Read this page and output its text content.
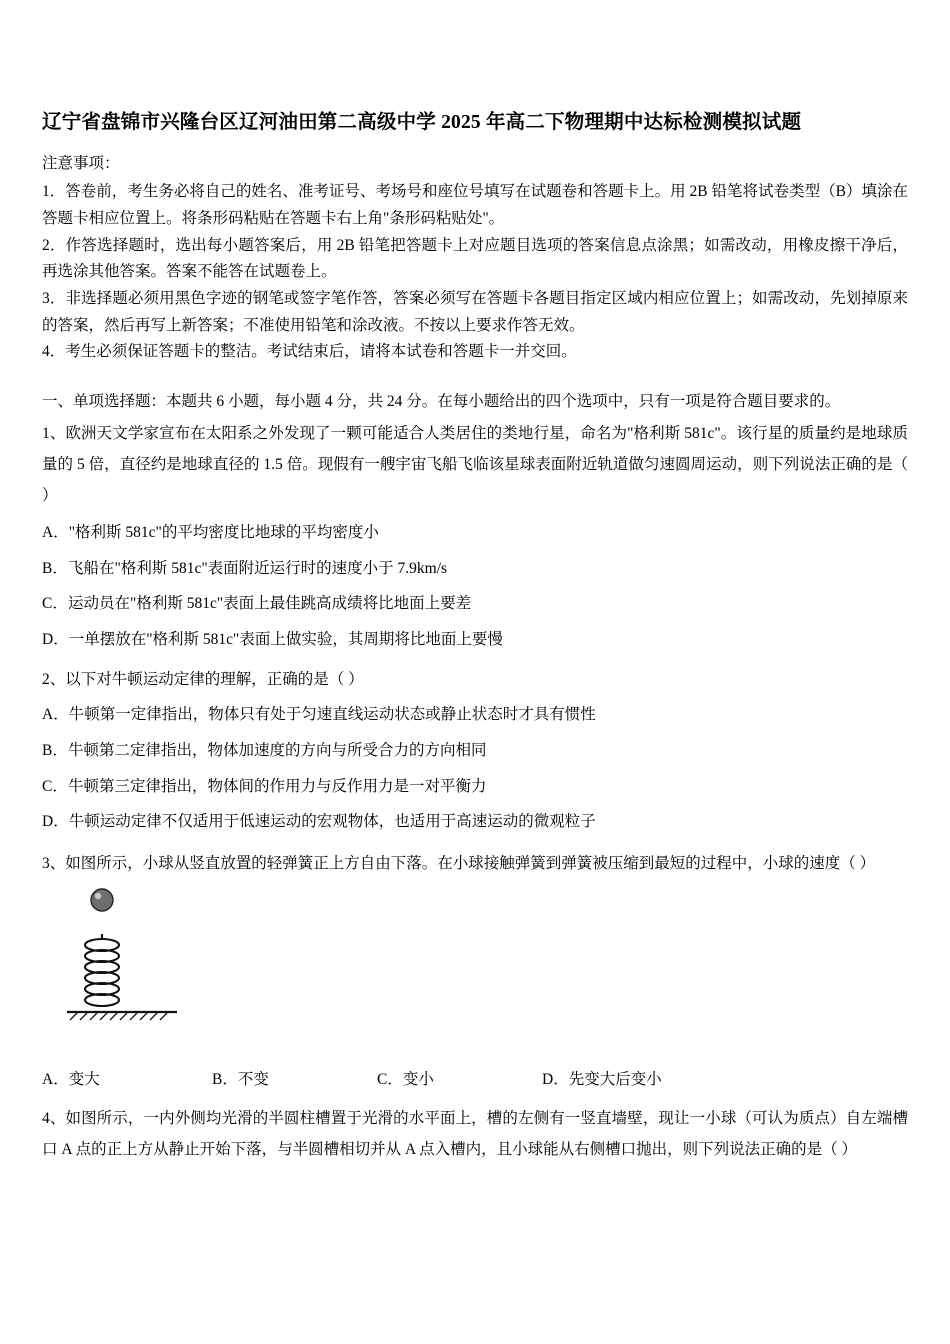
辽宁省盘锦市兴隆台区辽河油田第二高级中学 2025 年高二下物理期中达标检测模拟试题

注意事项：

1．答卷前，考生务必将自己的姓名、准考证号、考场号和座位号填写在试题卷和答题卡上。用 2B 铅笔将试卷类型（B）填涂在答题卡相应位置上。将条形码粘贴在答题卡右上角"条形码粘贴处"。

2．作答选择题时，选出每小题答案后，用 2B 铅笔把答题卡上对应题目选项的答案信息点涂黑；如需改动，用橡皮擦干净后，再选涂其他答案。答案不能答在试题卷上。

3．非选择题必须用黑色字迹的钢笔或签字笔作答，答案必须写在答题卡各题目指定区域内相应位置上；如需改动，先划掉原来的答案，然后再写上新答案；不准使用铅笔和涂改液。不按以上要求作答无效。

4．考生必须保证答题卡的整洁。考试结束后，请将本试卷和答题卡一并交回。

一、单项选择题：本题共 6 小题，每小题 4 分，共 24 分。在每小题给出的四个选项中，只有一项是符合题目要求的。

1、欧洲天文学家宣布在太阳系之外发现了一颗可能适合人类居住的类地行星，命名为"格利斯 581c"。该行星的质量约是地球质量的 5 倍，直径约是地球直径的 1.5 倍。现假有一艘宇宙飞船飞临该星球表面附近轨道做匀速圆周运动，则下列说法正确的是（ ）

A．"格利斯 581c"的平均密度比地球的平均密度小

B．飞船在"格利斯 581c"表面附近运行时的速度小于 7.9km/s

C．运动员在"格利斯 581c"表面上最佳跳高成绩将比地面上要差

D．一单摆放在"格利斯 581c"表面上做实验，其周期将比地面上要慢

2、以下对牛顿运动定律的理解，正确的是（ ）

A．牛顿第一定律指出，物体只有处于匀速直线运动状态或静止状态时才具有惯性

B．牛顿第二定律指出，物体加速度的方向与所受合力的方向相同

C．牛顿第三定律指出，物体间的作用力与反作用力是一对平衡力

D．牛顿运动定律不仅适用于低速运动的宏观物体，也适用于高速运动的微观粒子

3、如图所示，小球从竖直放置的轻弹簧正上方自由下落。在小球接触弹簧到弹簧被压缩到最短的过程中，小球的速度（ ）

A．变大	B．不变	C．变小	D．先变大后变小

4、如图所示，一内外侧均光滑的半圆柱槽置于光滑的水平面上，槽的左侧有一竖直墙壁，现让一小球（可认为质点）自左端槽口 A 点的正上方从静止开始下落，与半圆槽相切并从 A 点入槽内，且小球能从右侧槽口抛出，则下列说法正确的是（ ）
